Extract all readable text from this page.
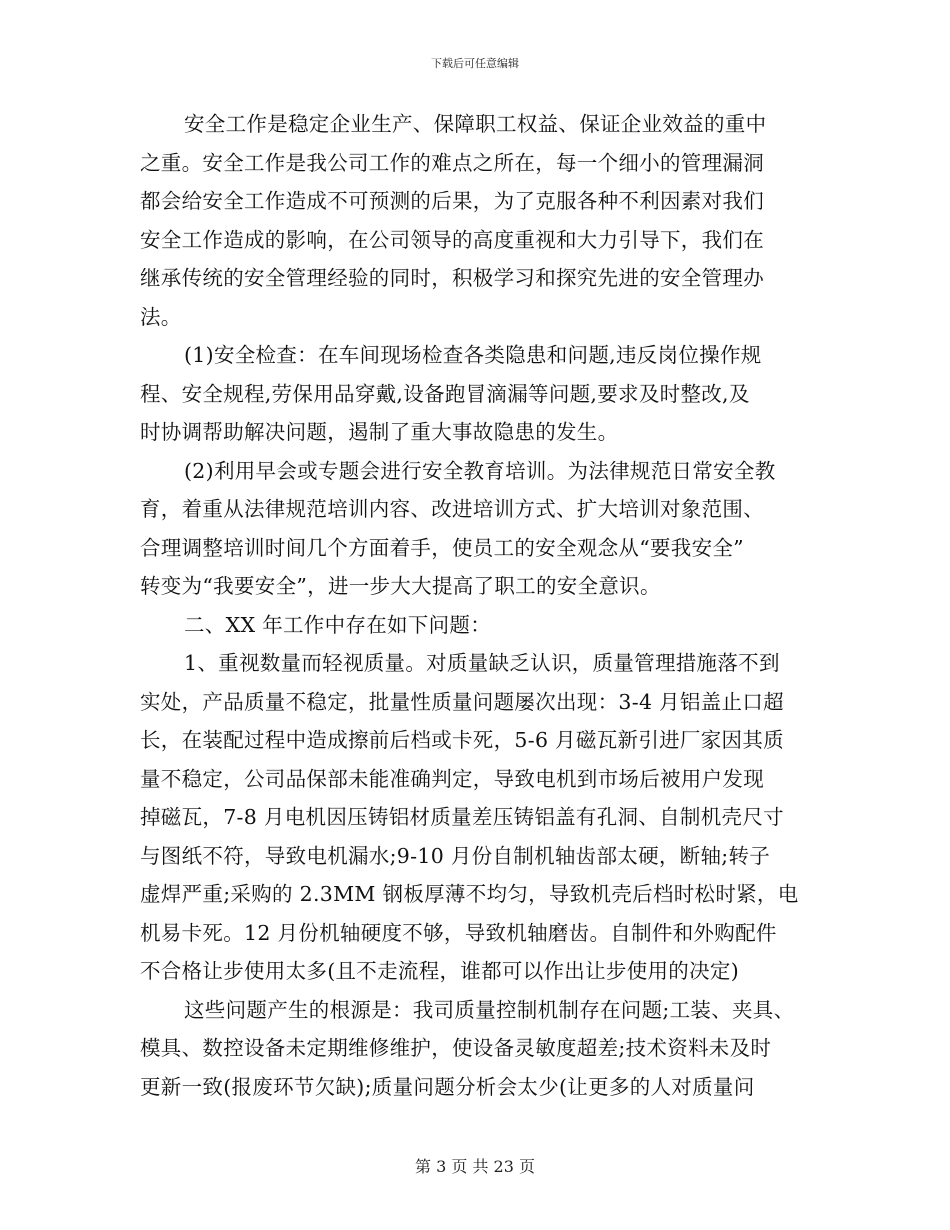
下载后可任意编辑
安全工作是稳定企业生产、保障职工权益、保证企业效益的重中
之重。安全工作是我公司工作的难点之所在，每一个细小的管理漏洞
都会给安全工作造成不可预测的后果，为了克服各种不利因素对我们
安全工作造成的影响，在公司领导的高度重视和大力引导下，我们在
继承传统的安全管理经验的同时，积极学习和探究先进的安全管理办
法。
(1)安全检查：在车间现场检查各类隐患和问题,违反岗位操作规
程、安全规程,劳保用品穿戴,设备跑冒滴漏等问题,要求及时整改,及
时协调帮助解决问题，遏制了重大事故隐患的发生。
(2)利用早会或专题会进行安全教育培训。为法律规范日常安全教
育，着重从法律规范培训内容、改进培训方式、扩大培训对象范围、
合理调整培训时间几个方面着手，使员工的安全观念从“要我安全”
转变为“我要安全”，进一步大大提高了职工的安全意识。
二、XX 年工作中存在如下问题：
1、重视数量而轻视质量。对质量缺乏认识，质量管理措施落不到
实处，产品质量不稳定，批量性质量问题屡次出现：3-4 月铝盖止口超
长，在装配过程中造成擦前后档或卡死，5-6 月磁瓦新引进厂家因其质
量不稳定，公司品保部未能准确判定，导致电机到市场后被用户发现
掉磁瓦，7-8 月电机因压铸铝材质量差压铸铝盖有孔洞、自制机壳尺寸
与图纸不符，导致电机漏水;9-10 月份自制机轴齿部太硬，断轴;转子
虚焊严重;采购的 2.3MM 钢板厚薄不均匀，导致机壳后档时松时紧，电
机易卡死。12 月份机轴硬度不够，导致机轴磨齿。自制件和外购配件
不合格让步使用太多(且不走流程，谁都可以作出让步使用的决定)
这些问题产生的根源是：我司质量控制机制存在问题;工装、夹具、
模具、数控设备未定期维修维护，使设备灵敏度超差;技术资料未及时
更新一致(报废环节欠缺);质量问题分析会太少(让更多的人对质量问
第 3 页 共 23 页
